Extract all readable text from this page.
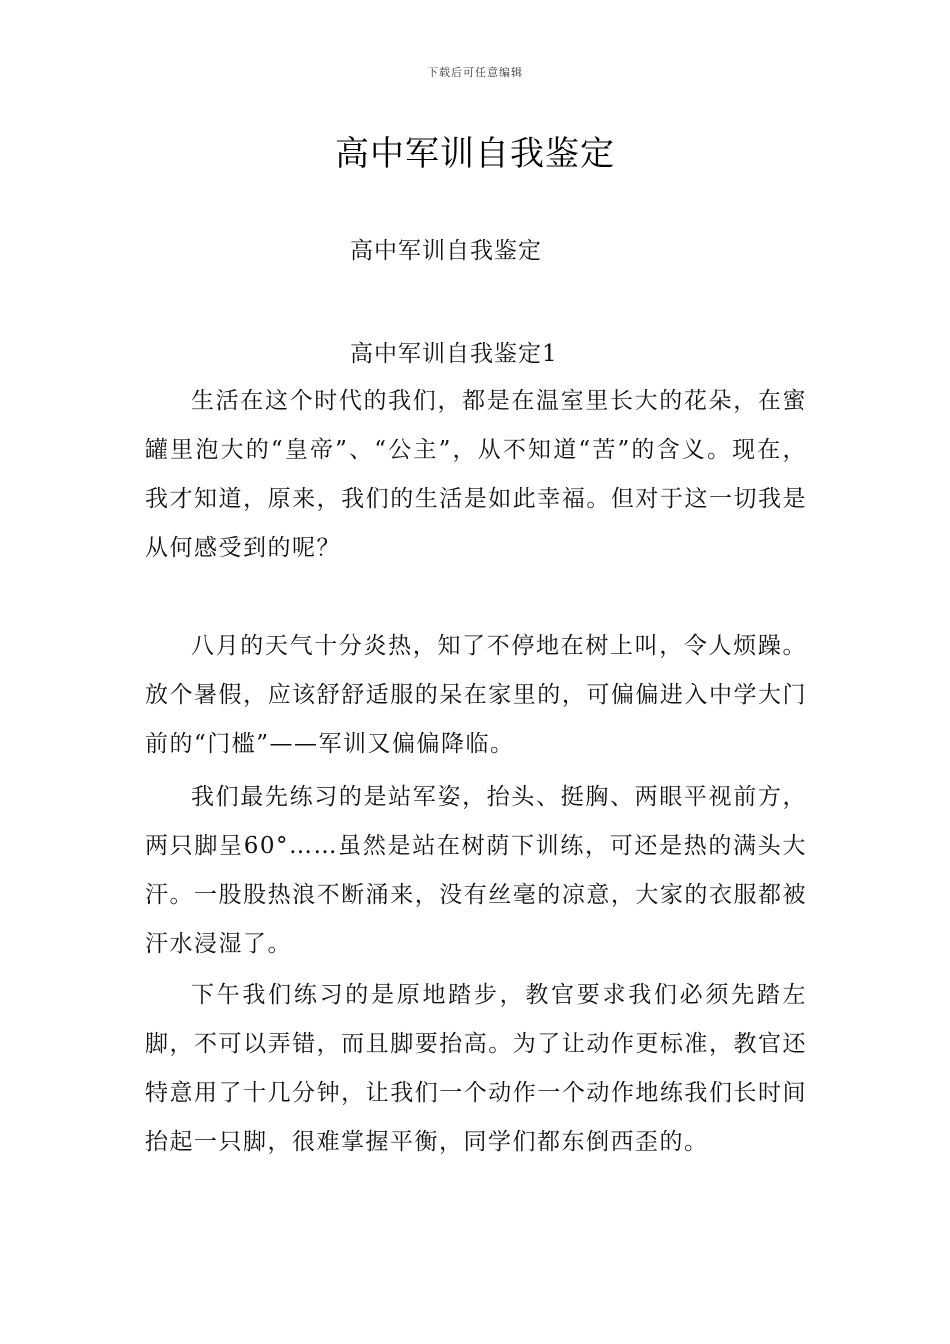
下载后可任意编辑
高中军训自我鉴定
高中军训自我鉴定
高中军训自我鉴定1

生活在这个时代的我们，都是在温室里长大的花朵，在蜜罐里泡大的“皇帝”、“公主”，从不知道“苦”的含义。现在，我才知道，原来，我们的生活是如此幸福。但对于这一切我是从何感受到的呢？

八月的天气十分炎热，知了不停地在树上叫，令人烦躁。放个暑假，应该舒舒适服的呆在家里的，可偏偏进入中学大门前的“门槛”——军训又偏偏降临。

我们最先练习的是站军姿，抬头、挺胸、两眼平视前方，两只脚呈60°……虽然是站在树荫下训练，可还是热的满头大汗。一股股热浪不断涌来，没有丝毫的凉意，大家的衣服都被汗水浸湿了。

下午我们练习的是原地踏步，教官要求我们必须先踏左脚，不可以弄错，而且脚要抬高。为了让动作更标准，教官还特意用了十几分钟，让我们一个动作一个动作地练我们长时间抬起一只脚，很难掌握平衡，同学们都东倒西歪的。
